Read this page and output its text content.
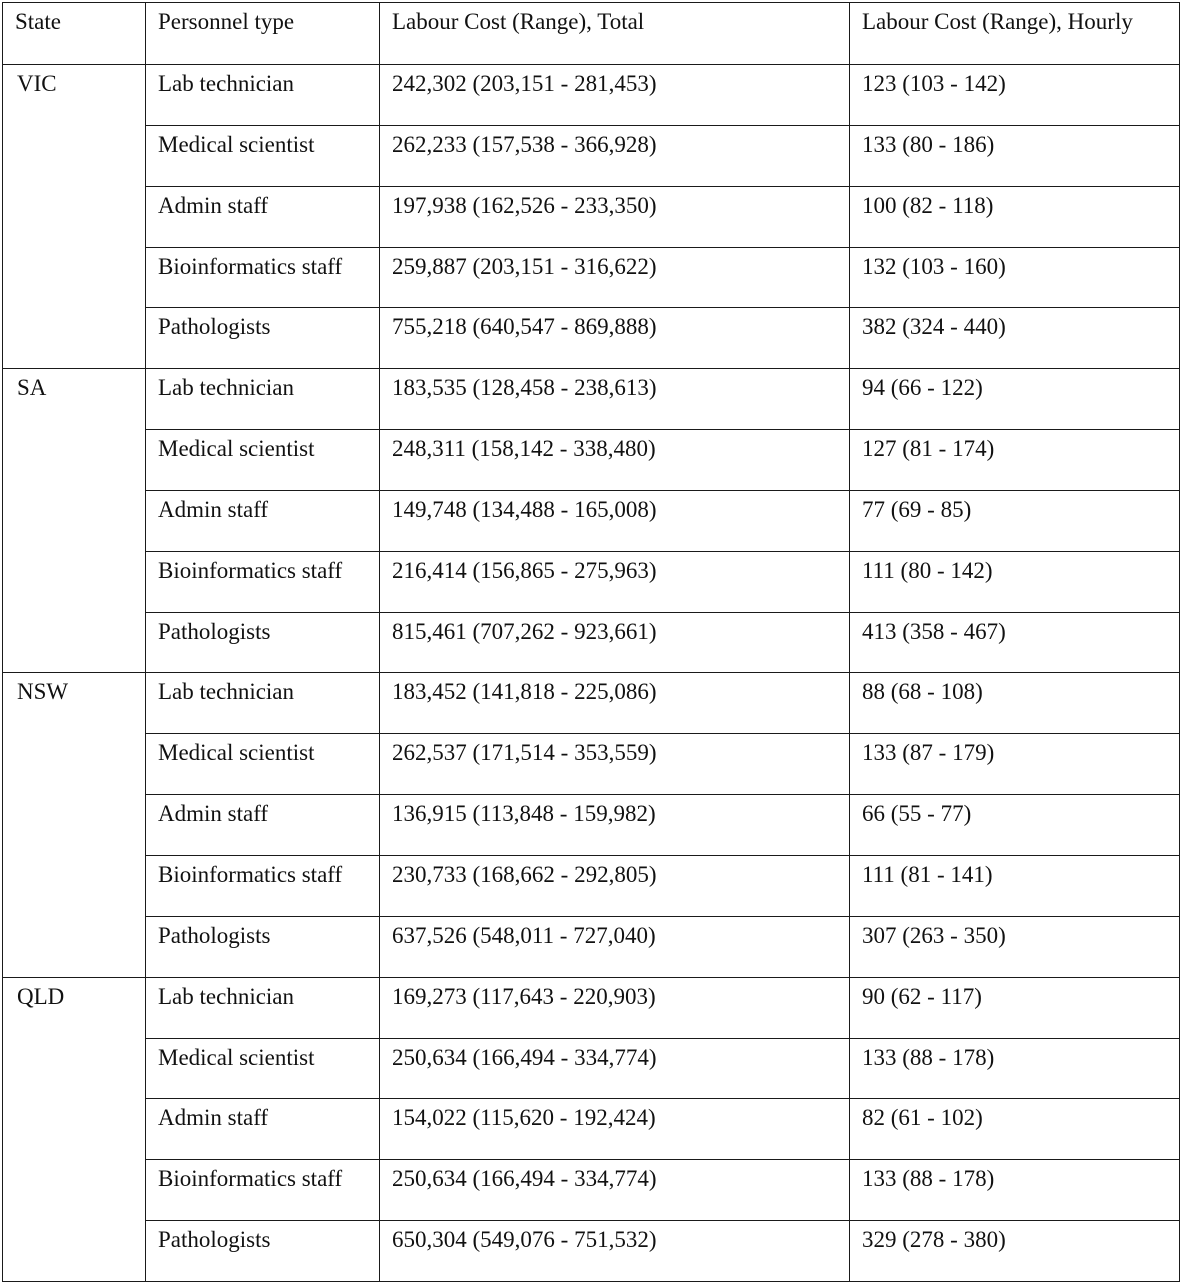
State	Personnel type	Labour Cost (Range), Total	Labour Cost (Range), Hourly
VIC	Lab technician	242,302 (203,151 - 281,453)	123 (103 - 142)
	Medical scientist	262,233 (157,538 - 366,928)	133 (80 - 186)
	Admin staff	197,938 (162,526 - 233,350)	100 (82 - 118)
	Bioinformatics staff	259,887 (203,151 - 316,622)	132 (103 - 160)
	Pathologists	755,218 (640,547 - 869,888)	382 (324 - 440)
SA	Lab technician	183,535 (128,458 - 238,613)	94 (66 - 122)
	Medical scientist	248,311 (158,142 - 338,480)	127 (81 - 174)
	Admin staff	149,748 (134,488 - 165,008)	77 (69 - 85)
	Bioinformatics staff	216,414 (156,865 - 275,963)	111 (80 - 142)
	Pathologists	815,461 (707,262 - 923,661)	413 (358 - 467)
NSW	Lab technician	183,452 (141,818 - 225,086)	88 (68 - 108)
	Medical scientist	262,537 (171,514 - 353,559)	133 (87 - 179)
	Admin staff	136,915 (113,848 - 159,982)	66 (55 - 77)
	Bioinformatics staff	230,733 (168,662 - 292,805)	111 (81 - 141)
	Pathologists	637,526 (548,011 - 727,040)	307 (263 - 350)
QLD	Lab technician	169,273 (117,643 - 220,903)	90 (62 - 117)
	Medical scientist	250,634 (166,494 - 334,774)	133 (88 - 178)
	Admin staff	154,022 (115,620 - 192,424)	82 (61 - 102)
	Bioinformatics staff	250,634 (166,494 - 334,774)	133 (88 - 178)
	Pathologists	650,304 (549,076 - 751,532)	329 (278 - 380)
